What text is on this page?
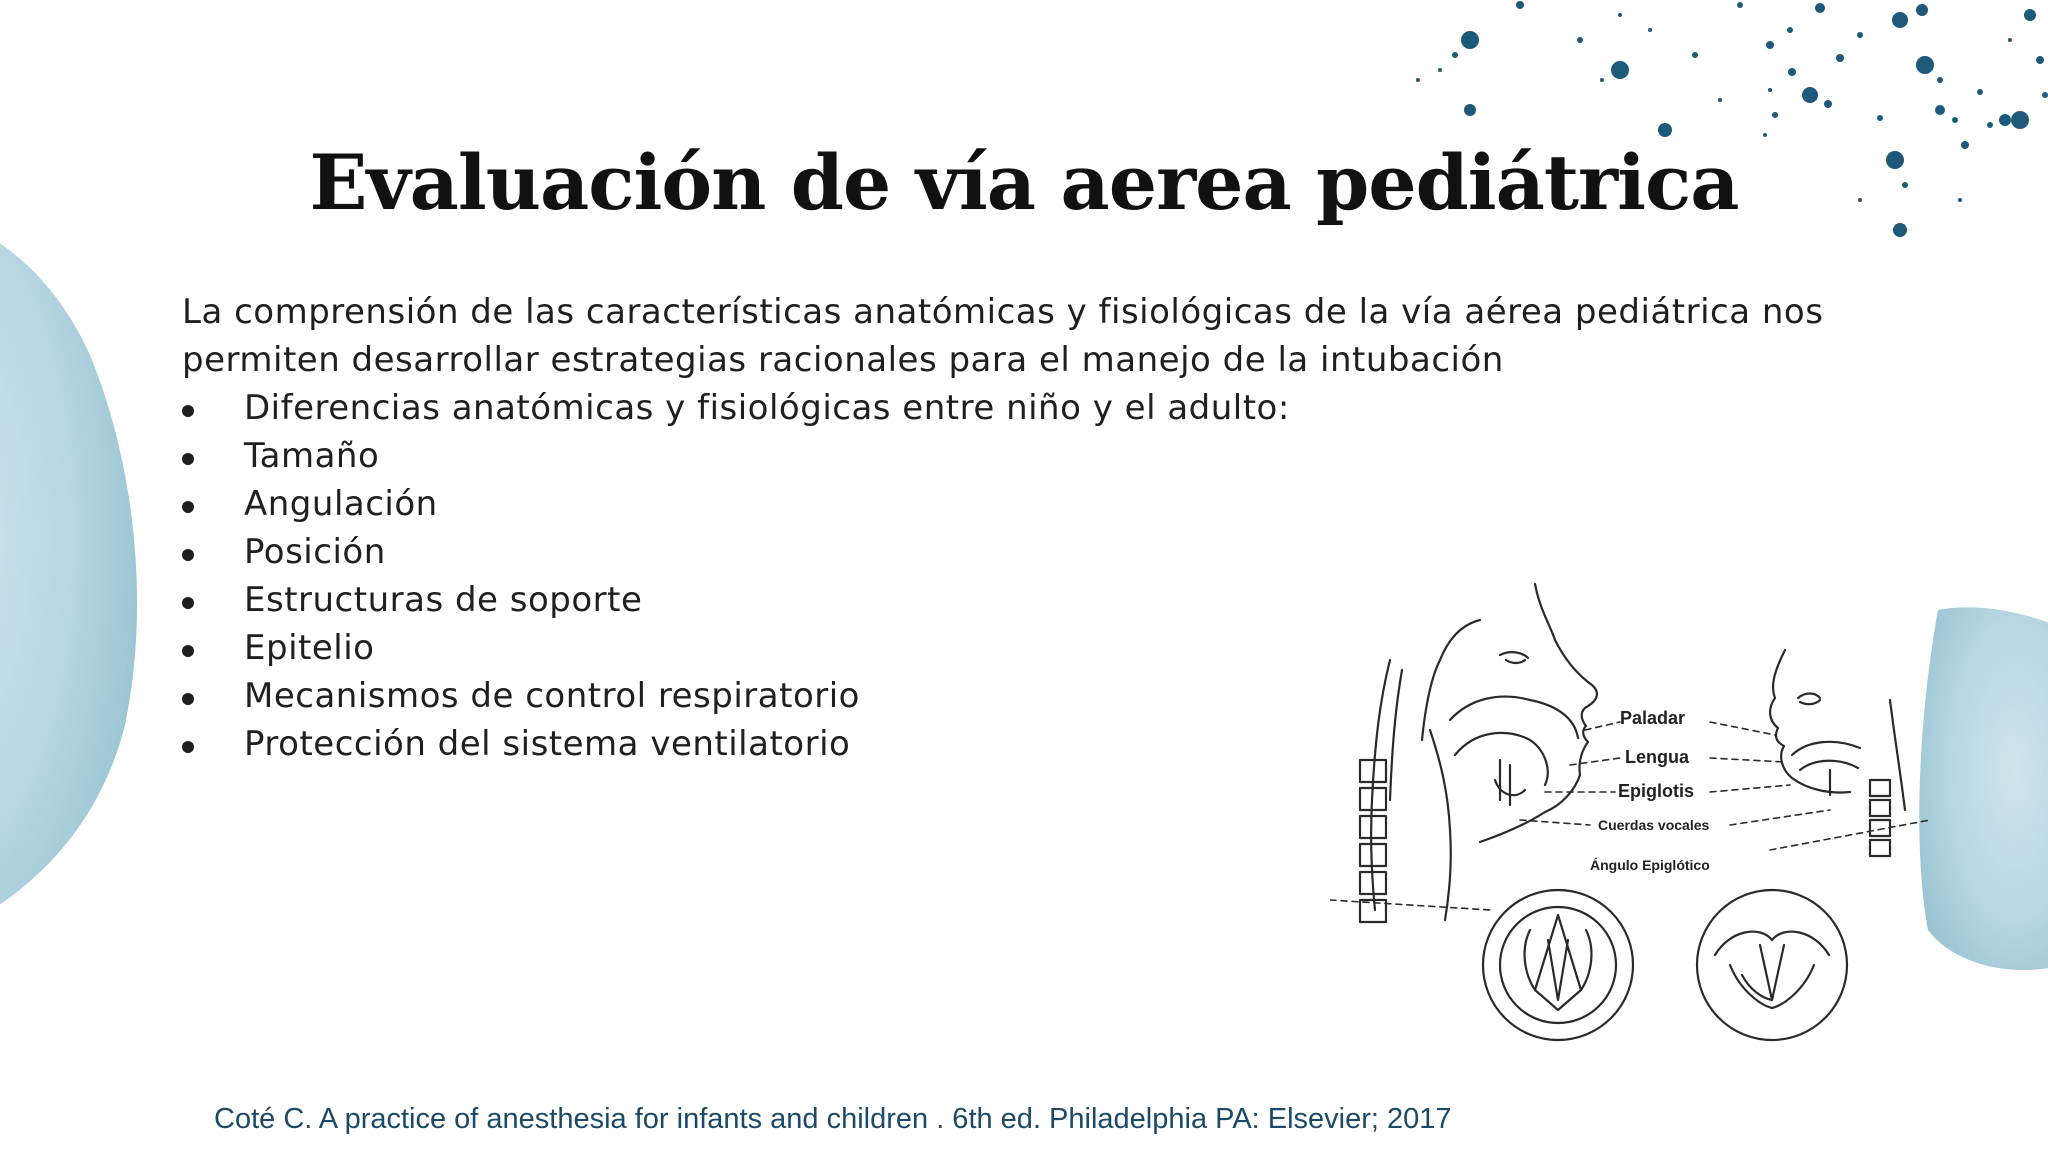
Evaluación de vía aerea pediátrica

La comprensión de las características anatómicas y fisiológicas de la vía aérea pediátrica nos permiten desarrollar estrategias racionales para el manejo de la intubación

Diferencias anatómicas y fisiológicas entre niño y el adulto:
Tamaño
Angulación
Posición
Estructuras de soporte
Epitelio
Mecanismos de control respiratorio
Protección del sistema ventilatorio
Paladar
Lengua
Epiglotis
Cuerdas vocales
Ángulo Epiglótico
Coté C. A practice of anesthesia for infants and children . 6th ed. Philadelphia PA: Elsevier; 2017
